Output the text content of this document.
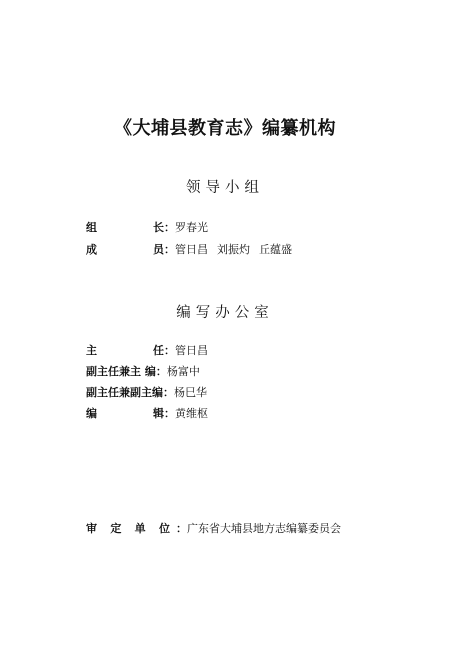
《大埔县教育志》编纂机构
领导小组
组	长 ：罗春光
成	员 ：管日昌 刘振灼 丘蕴盛
编写办公室
主	任 ：管日昌
副主任兼主 编：杨富中
副主任兼副主编：杨巳华
编	辑 ：黄维枢
审 定 单 位 ：广东省大埔县地方志编纂委员会
